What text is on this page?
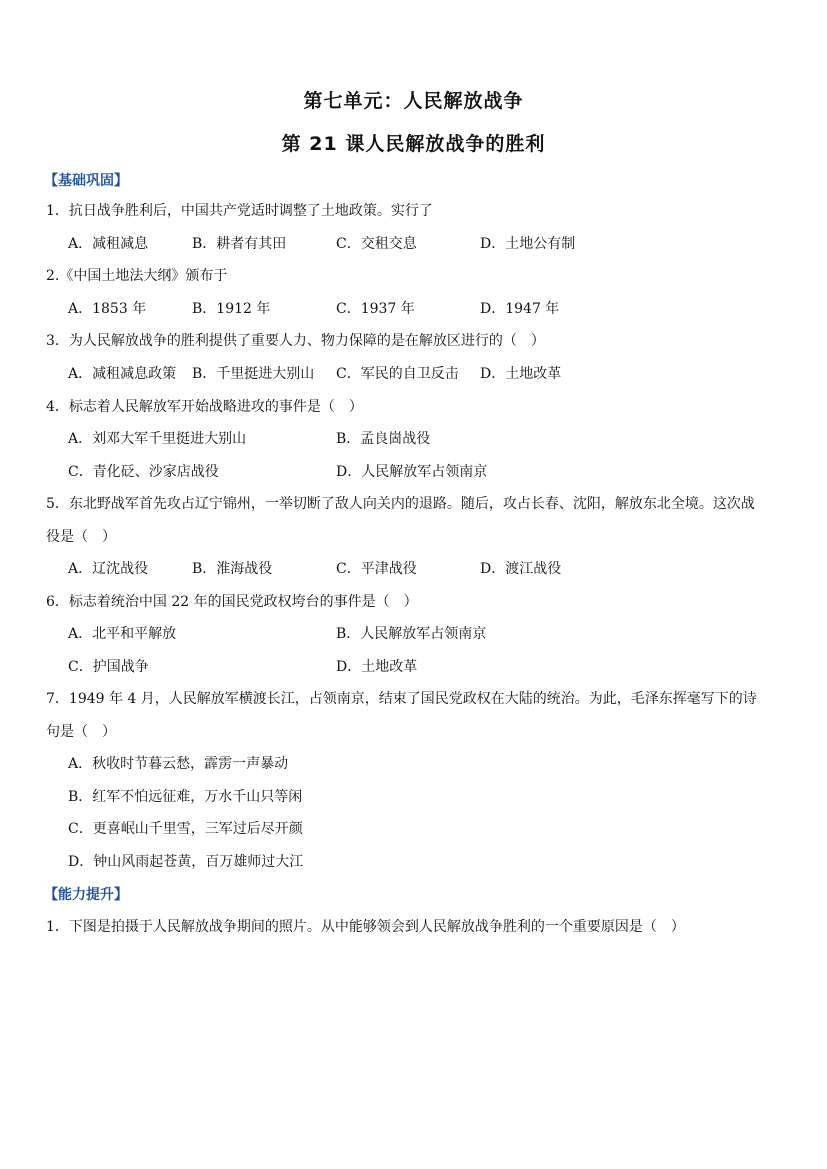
第七单元：人民解放战争
第 21 课人民解放战争的胜利
【基础巩固】
1．抗日战争胜利后，中国共产党适时调整了土地政策。实行了
A．减租减息	B．耕者有其田	C．交租交息	D．土地公有制
2.《中国土地法大纲》颁布于
A．1853 年	B．1912 年	C．1937 年	D．1947 年
3．为人民解放战争的胜利提供了重要人力、物力保障的是在解放区进行的（　）
A．减租减息政策 B．千里挺进大别山 C．军民的自卫反击 D．土地改革
4．标志着人民解放军开始战略进攻的事件是（　）
A．刘邓大军千里挺进大别山	B．孟良崮战役
C．青化砭、沙家店战役	D．人民解放军占领南京
5．东北野战军首先攻占辽宁锦州，一举切断了敌人向关内的退路。随后，攻占长春、沈阳，解放东北全境。这次战
役是（　）
A．辽沈战役	B．淮海战役	C．平津战役	D．渡江战役
6．标志着统治中国 22 年的国民党政权垮台的事件是（　）
A．北平和平解放	B．人民解放军占领南京
C．护国战争	D．土地改革
7．1949 年 4 月，人民解放军横渡长江，占领南京，结束了国民党政权在大陆的统治。为此，毛泽东挥毫写下的诗
句是（　）
A．秋收时节暮云愁，霹雳一声暴动
B．红军不怕远征难，万水千山只等闲
C．更喜岷山千里雪，三军过后尽开颜
D．钟山风雨起苍黄，百万雄师过大江
【能力提升】
1．下图是拍摄于人民解放战争期间的照片。从中能够领会到人民解放战争胜利的一个重要原因是（　）
